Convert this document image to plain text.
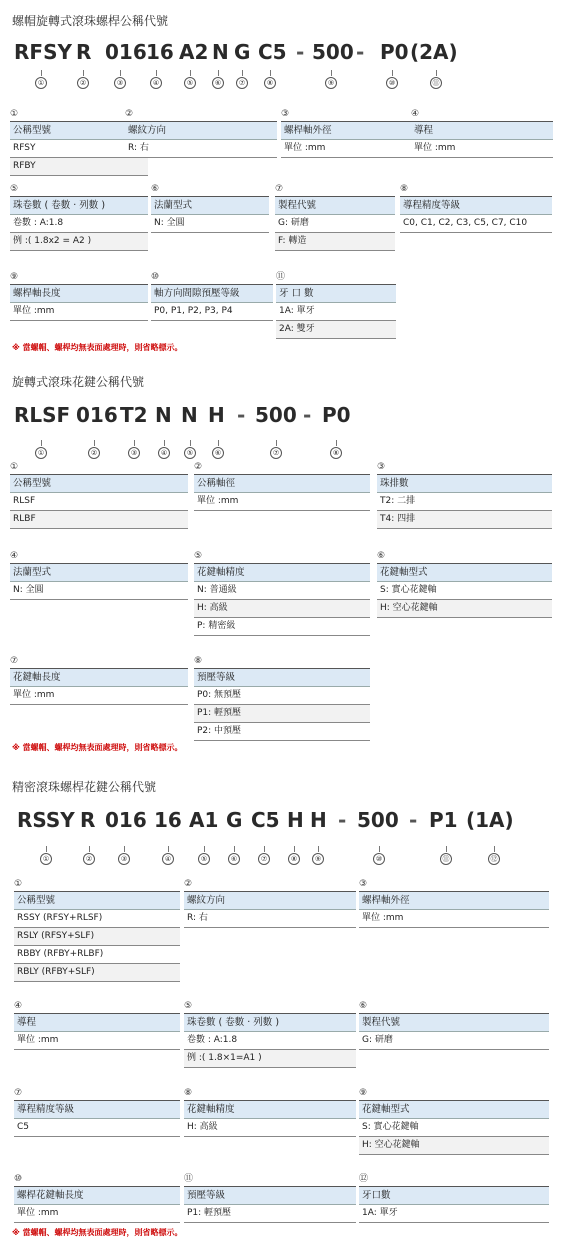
螺帽旋轉式滾珠螺桿公稱代號
RFSY R 016 16 A2 N G C5 - 500 - P0 (2A)
①	②	③	④	⑤	⑥	⑦	⑧	⑨	⑩	⑪
①
公稱型號
RFSY
RFBY
②
螺紋方向
R: 右
③
螺桿軸外徑
單位 :mm
④
導程
單位 :mm
⑤
珠卷數 ( 卷數 · 列數 )
卷數 : A:1.8
例 :( 1.8x2 = A2 )
⑥
法蘭型式
N: 全圓
⑦
製程代號
G: 研磨
F: 轉造
⑧
導程精度等級
C0, C1, C2, C3, C5, C7, C10
⑨
螺桿軸長度
單位 :mm
⑩
軸方向間隙預壓等級
P0, P1, P2, P3, P4
⑪
牙 口 數
1A: 單牙
2A: 雙牙
※ 當螺帽、螺桿均無表面處理時，則省略標示。
旋轉式滾珠花鍵公稱代號
RLSF 016 T2 N N H - 500 - P0
①	②	③	④	⑤	⑥	⑦	⑧
①
公稱型號
RLSF
RLBF
②
公稱軸徑
單位 :mm
③
珠排數
T2: 二排
T4: 四排
④
法蘭型式
N: 全圓
⑤
花鍵軸精度
N: 普通級
H: 高級
P: 精密級
⑥
花鍵軸型式
S: 實心花鍵軸
H: 空心花鍵軸
⑦
花鍵軸長度
單位 :mm
⑧
預壓等級
P0: 無預壓
P1: 輕預壓
P2: 中預壓
※ 當螺帽、螺桿均無表面處理時，則省略標示。
精密滾珠螺桿花鍵公稱代號
RSSY R 016 16 A1 G C5 H H - 500 - P1 (1A)
①	②	③	④	⑤	⑥	⑦	⑧	⑨	⑩	⑪	⑫
①
公稱型號
RSSY (RFSY+RLSF)
RSLY (RFSY+SLF)
RBBY (RFBY+RLBF)
RBLY (RFBY+SLF)
②
螺紋方向
R: 右
③
螺桿軸外徑
單位 :mm
④
導程
單位 :mm
⑤
珠卷數 ( 卷數 · 列數 )
卷數 : A:1.8
例 :( 1.8×1=A1 )
⑥
製程代號
G: 研磨
⑦
導程精度等級
C5
⑧
花鍵軸精度
H: 高級
⑨
花鍵軸型式
S: 實心花鍵軸
H: 空心花鍵軸
⑩
螺桿花鍵軸長度
單位 :mm
⑪
預壓等級
P1: 輕預壓
⑫
牙口數
1A: 單牙
※ 當螺帽、螺桿均無表面處理時，則省略標示。
